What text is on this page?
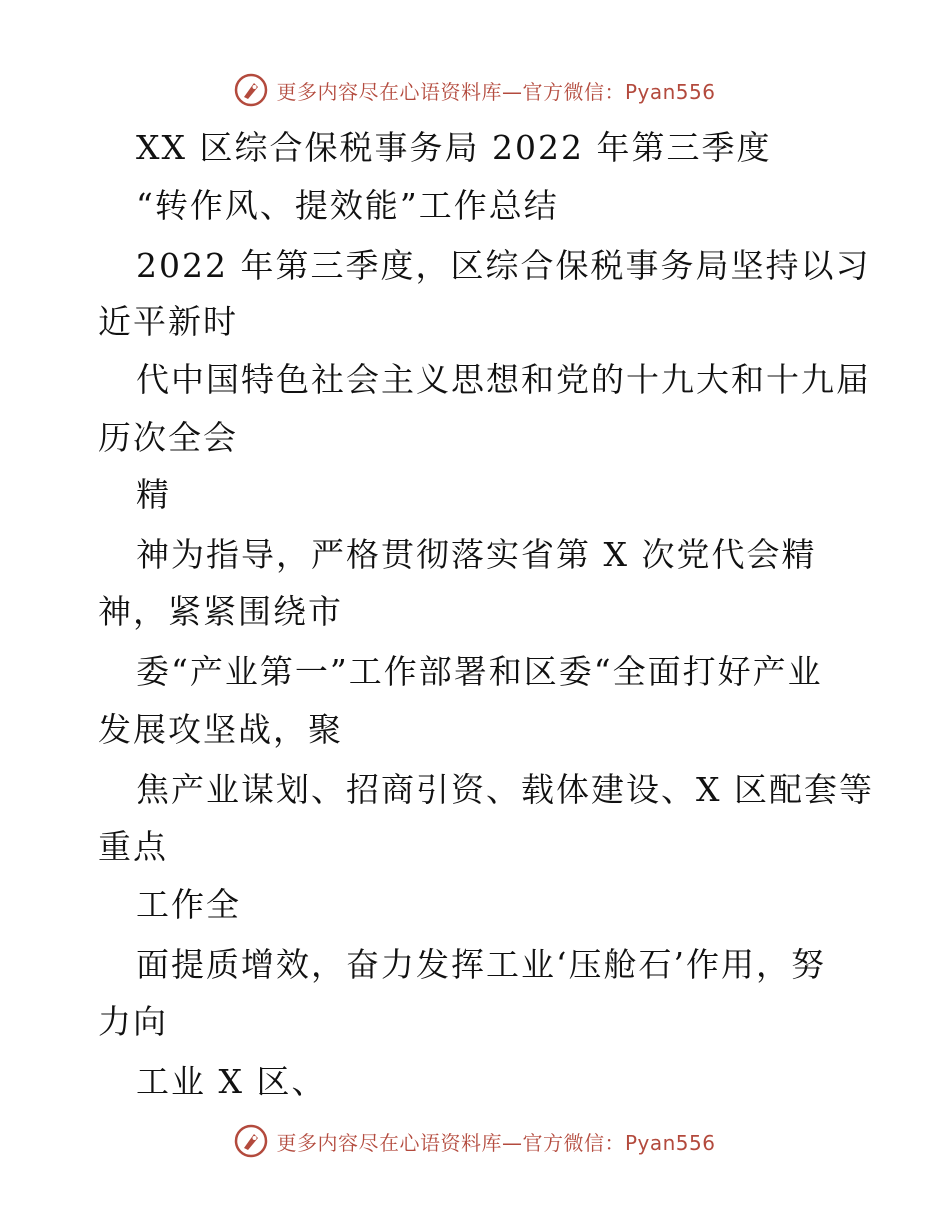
更多内容尽在心语资料库—官方微信：Pyan556
XX 区综合保税事务局 2022 年第三季度
“转作风、提效能”工作总结
2022 年第三季度，区综合保税事务局坚持以习
近平新时
代中国特色社会主义思想和党的十九大和十九届
历次全会
精
神为指导，严格贯彻落实省第 X 次党代会精
神，紧紧围绕市
委“产业第一”工作部署和区委“全面打好产业
发展攻坚战，聚
焦产业谋划、招商引资、载体建设、X 区配套等
重点
工作全
面提质增效，奋力发挥工业‘压舱石’作用，努
力向
工业 X 区、
更多内容尽在心语资料库—官方微信：Pyan556
